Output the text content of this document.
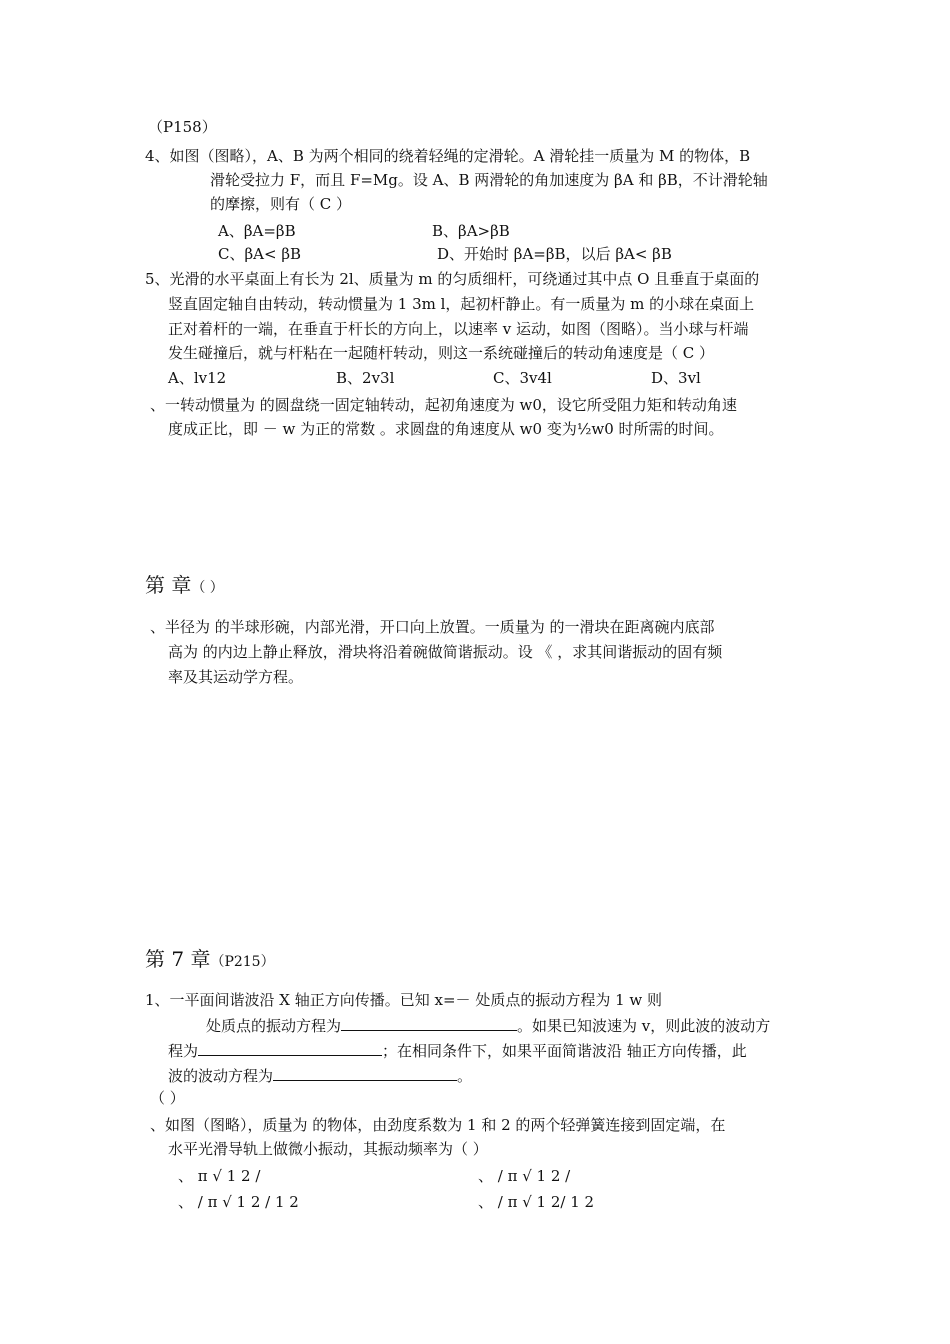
（P158）
4、如图（图略），A、B 为两个相同的绕着轻绳的定滑轮。A 滑轮挂一质量为 M 的物体，B
滑轮受拉力 F，而且 F=Mg。设 A、B 两滑轮的角加速度为 βA 和 βB，不计滑轮轴
的摩擦，则有（ C ）
A、βA=βB	B、βA>βB
C、βA< βB	D、开始时 βA=βB，以后 βA< βB
5、光滑的水平桌面上有长为 2l、质量为 m 的匀质细杆，可绕通过其中点 O 且垂直于桌面的
竖直固定轴自由转动，转动惯量为 1 3m l，起初杆静止。有一质量为 m 的小球在桌面上
正对着杆的一端，在垂直于杆长的方向上，以速率 v 运动，如图（图略）。当小球与杆端
发生碰撞后，就与杆粘在一起随杆转动，则这一系统碰撞后的转动角速度是（ C ）
A、lv12	B、2v3l	C、3v4l	D、3vl
、一转动惯量为 的圆盘绕一固定轴转动，起初角速度为 w0，设它所受阻力矩和转动角速
度成正比，即 － w 为正的常数 。求圆盘的角速度从 w0 变为½w0 时所需的时间。
第 章（ ）
、半径为 的半球形碗，内部光滑，开口向上放置。一质量为 的一滑块在距离碗内底部
高为 的内边上静止释放，滑块将沿着碗做简谐振动。设 《 ，求其间谐振动的固有频
率及其运动学方程。
第 7 章（P215）
1、一平面间谐波沿 X 轴正方向传播。已知 x=－ 处质点的振动方程为 1 w 则
处质点的振动方程为	。如果已知波速为 v，则此波的波动方
程为	；在相同条件下，如果平面简谐波沿 轴正方向传播，此
波的波动方程为	。
（ ）
、如图（图略），质量为 的物体，由劲度系数为 1 和 2 的两个轻弹簧连接到固定端，在
水平光滑导轨上做微小振动，其振动频率为（ ）
、 π √ 1 2 /	、 / π √ 1 2 /
、 / π √ 1 2 / 1 2	、 / π √ 1 2/ 1 2
